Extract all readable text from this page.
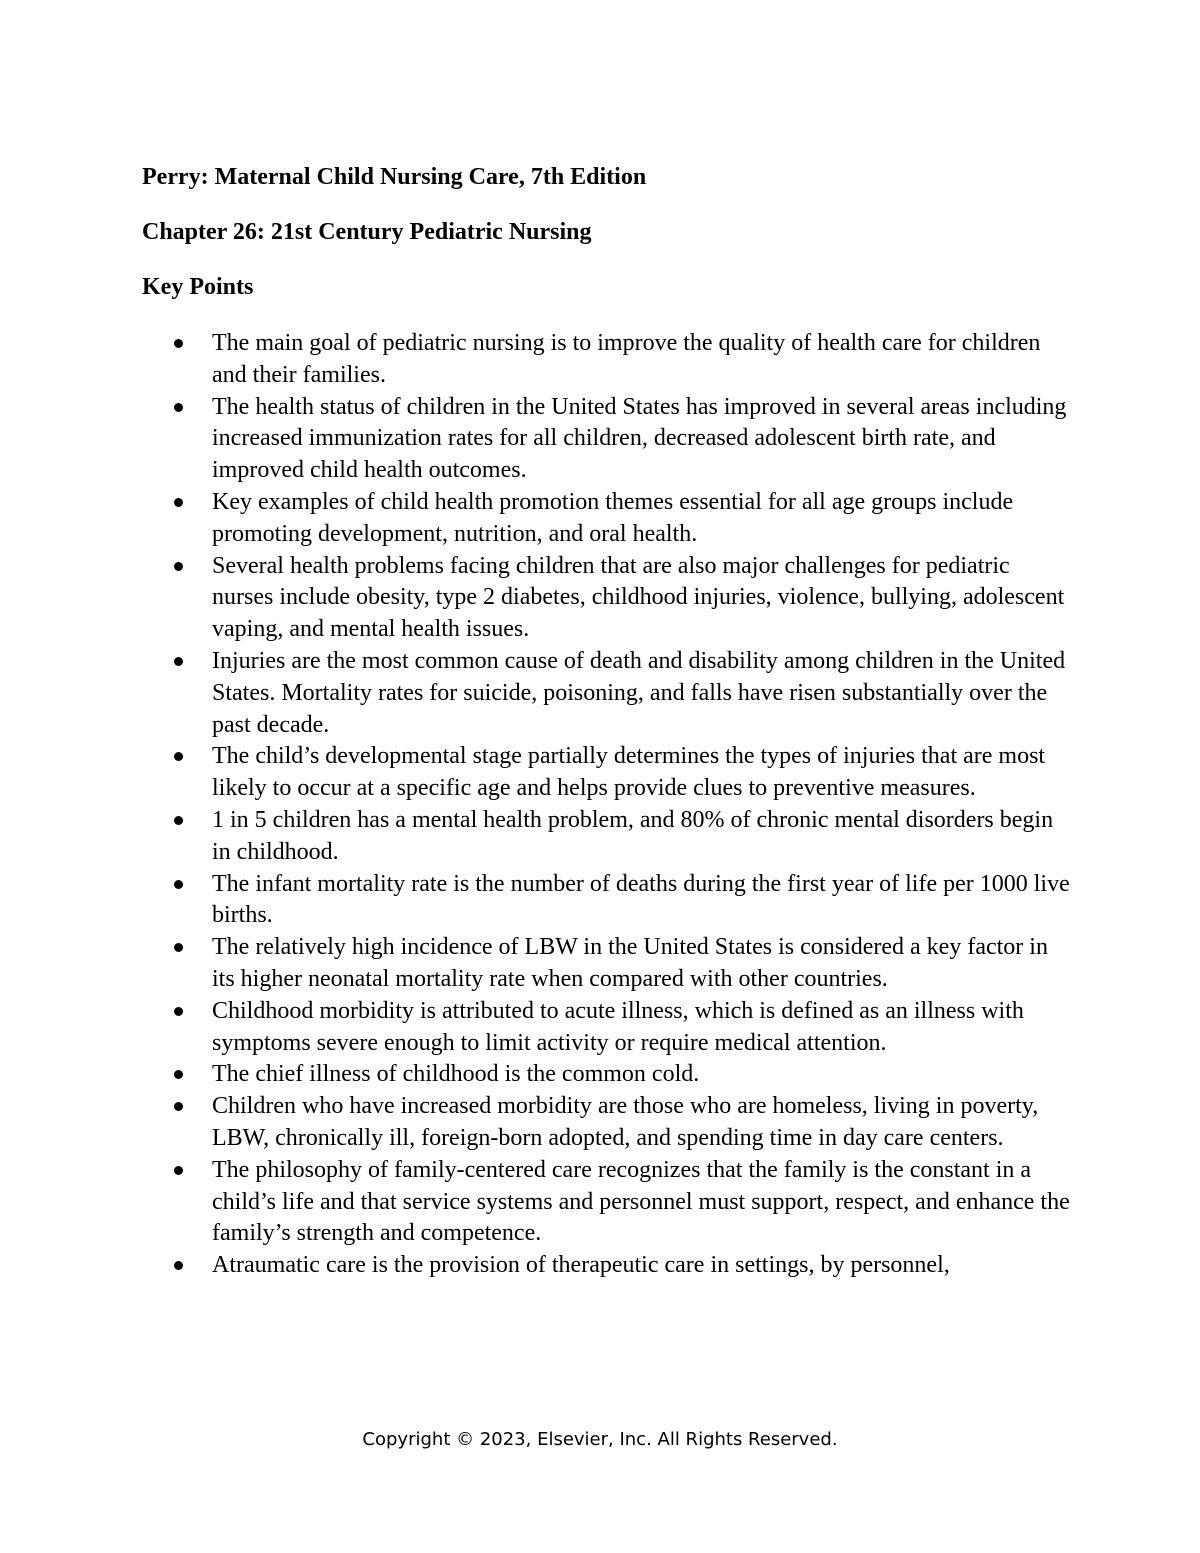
Perry: Maternal Child Nursing Care, 7th Edition
Chapter 26: 21st Century Pediatric Nursing
Key Points
The main goal of pediatric nursing is to improve the quality of health care for children and their families.
The health status of children in the United States has improved in several areas including increased immunization rates for all children, decreased adolescent birth rate, and improved child health outcomes.
Key examples of child health promotion themes essential for all age groups include promoting development, nutrition, and oral health.
Several health problems facing children that are also major challenges for pediatric nurses include obesity, type 2 diabetes, childhood injuries, violence, bullying, adolescent vaping, and mental health issues.
Injuries are the most common cause of death and disability among children in the United States. Mortality rates for suicide, poisoning, and falls have risen substantially over the past decade.
The child’s developmental stage partially determines the types of injuries that are most likely to occur at a specific age and helps provide clues to preventive measures.
1 in 5 children has a mental health problem, and 80% of chronic mental disorders begin in childhood.
The infant mortality rate is the number of deaths during the first year of life per 1000 live births.
The relatively high incidence of LBW in the United States is considered a key factor in its higher neonatal mortality rate when compared with other countries.
Childhood morbidity is attributed to acute illness, which is defined as an illness with symptoms severe enough to limit activity or require medical attention.
The chief illness of childhood is the common cold.
Children who have increased morbidity are those who are homeless, living in poverty, LBW, chronically ill, foreign-born adopted, and spending time in day care centers.
The philosophy of family-centered care recognizes that the family is the constant in a child’s life and that service systems and personnel must support, respect, and enhance the family’s strength and competence.
Atraumatic care is the provision of therapeutic care in settings, by personnel,

Copyright © 2023, Elsevier, Inc. All Rights Reserved.
